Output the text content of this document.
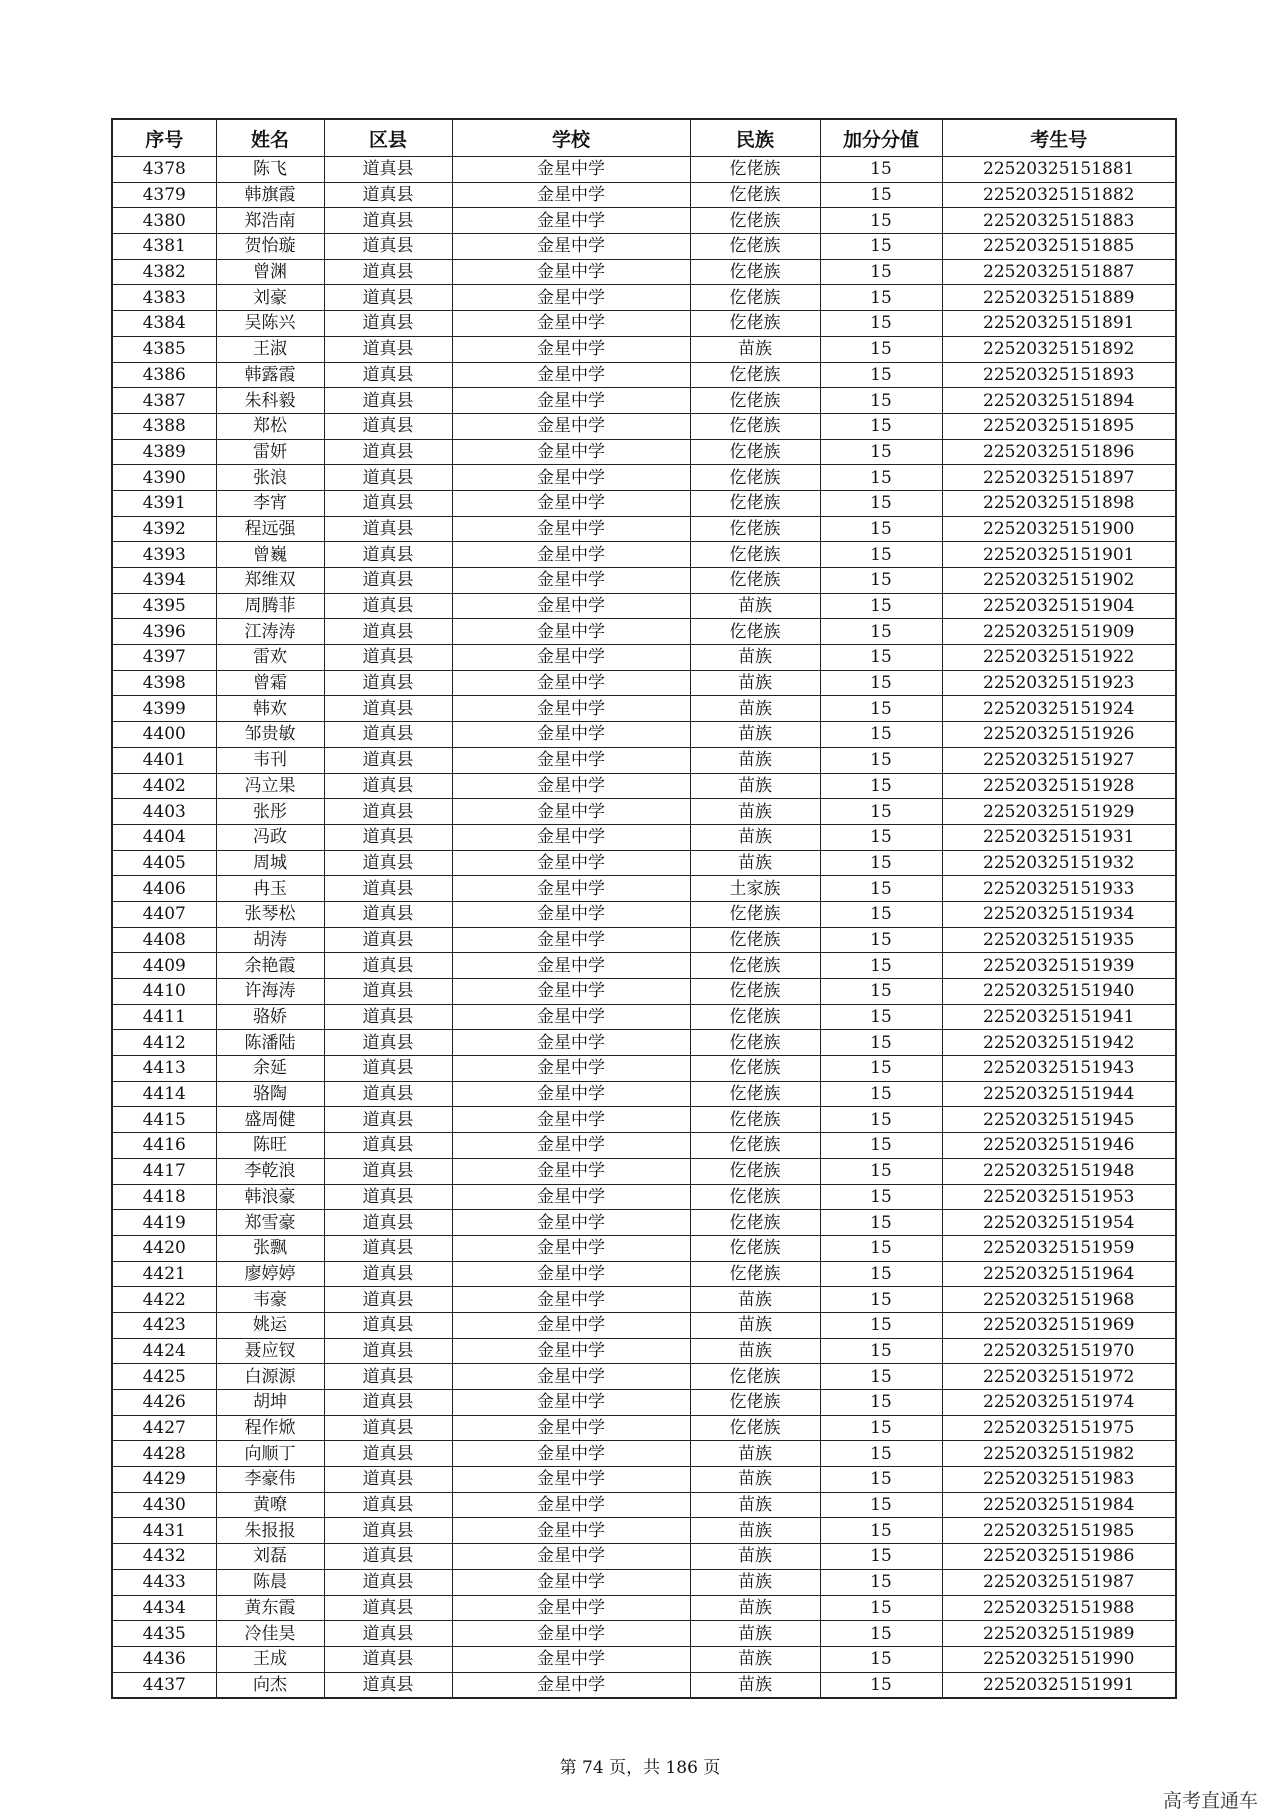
序号	姓名	区县	学校	民族	加分分值	考生号
4378	陈飞	道真县	金星中学	仡佬族	15	22520325151881
4379	韩旗霞	道真县	金星中学	仡佬族	15	22520325151882
4380	郑浩南	道真县	金星中学	仡佬族	15	22520325151883
4381	贺怡璇	道真县	金星中学	仡佬族	15	22520325151885
4382	曾渊	道真县	金星中学	仡佬族	15	22520325151887
4383	刘豪	道真县	金星中学	仡佬族	15	22520325151889
4384	吴陈兴	道真县	金星中学	仡佬族	15	22520325151891
4385	王淑	道真县	金星中学	苗族	15	22520325151892
4386	韩露霞	道真县	金星中学	仡佬族	15	22520325151893
4387	朱科毅	道真县	金星中学	仡佬族	15	22520325151894
4388	郑松	道真县	金星中学	仡佬族	15	22520325151895
4389	雷妍	道真县	金星中学	仡佬族	15	22520325151896
4390	张浪	道真县	金星中学	仡佬族	15	22520325151897
4391	李宵	道真县	金星中学	仡佬族	15	22520325151898
4392	程远强	道真县	金星中学	仡佬族	15	22520325151900
4393	曾巍	道真县	金星中学	仡佬族	15	22520325151901
4394	郑维双	道真县	金星中学	仡佬族	15	22520325151902
4395	周腾菲	道真县	金星中学	苗族	15	22520325151904
4396	江涛涛	道真县	金星中学	仡佬族	15	22520325151909
4397	雷欢	道真县	金星中学	苗族	15	22520325151922
4398	曾霜	道真县	金星中学	苗族	15	22520325151923
4399	韩欢	道真县	金星中学	苗族	15	22520325151924
4400	邹贵敏	道真县	金星中学	苗族	15	22520325151926
4401	韦刊	道真县	金星中学	苗族	15	22520325151927
4402	冯立果	道真县	金星中学	苗族	15	22520325151928
4403	张彤	道真县	金星中学	苗族	15	22520325151929
4404	冯政	道真县	金星中学	苗族	15	22520325151931
4405	周城	道真县	金星中学	苗族	15	22520325151932
4406	冉玉	道真县	金星中学	土家族	15	22520325151933
4407	张琴松	道真县	金星中学	仡佬族	15	22520325151934
4408	胡涛	道真县	金星中学	仡佬族	15	22520325151935
4409	余艳霞	道真县	金星中学	仡佬族	15	22520325151939
4410	许海涛	道真县	金星中学	仡佬族	15	22520325151940
4411	骆娇	道真县	金星中学	仡佬族	15	22520325151941
4412	陈潘陆	道真县	金星中学	仡佬族	15	22520325151942
4413	余延	道真县	金星中学	仡佬族	15	22520325151943
4414	骆陶	道真县	金星中学	仡佬族	15	22520325151944
4415	盛周健	道真县	金星中学	仡佬族	15	22520325151945
4416	陈旺	道真县	金星中学	仡佬族	15	22520325151946
4417	李乾浪	道真县	金星中学	仡佬族	15	22520325151948
4418	韩浪豪	道真县	金星中学	仡佬族	15	22520325151953
4419	郑雪豪	道真县	金星中学	仡佬族	15	22520325151954
4420	张飘	道真县	金星中学	仡佬族	15	22520325151959
4421	廖婷婷	道真县	金星中学	仡佬族	15	22520325151964
4422	韦豪	道真县	金星中学	苗族	15	22520325151968
4423	姚运	道真县	金星中学	苗族	15	22520325151969
4424	聂应钗	道真县	金星中学	苗族	15	22520325151970
4425	白源源	道真县	金星中学	仡佬族	15	22520325151972
4426	胡坤	道真县	金星中学	仡佬族	15	22520325151974
4427	程作焮	道真县	金星中学	仡佬族	15	22520325151975
4428	向顺丁	道真县	金星中学	苗族	15	22520325151982
4429	李豪伟	道真县	金星中学	苗族	15	22520325151983
4430	黄嘹	道真县	金星中学	苗族	15	22520325151984
4431	朱报报	道真县	金星中学	苗族	15	22520325151985
4432	刘磊	道真县	金星中学	苗族	15	22520325151986
4433	陈晨	道真县	金星中学	苗族	15	22520325151987
4434	黄东霞	道真县	金星中学	苗族	15	22520325151988
4435	冷佳昊	道真县	金星中学	苗族	15	22520325151989
4436	王成	道真县	金星中学	苗族	15	22520325151990
4437	向杰	道真县	金星中学	苗族	15	22520325151991
第 74 页，共 186 页
高考直通车
